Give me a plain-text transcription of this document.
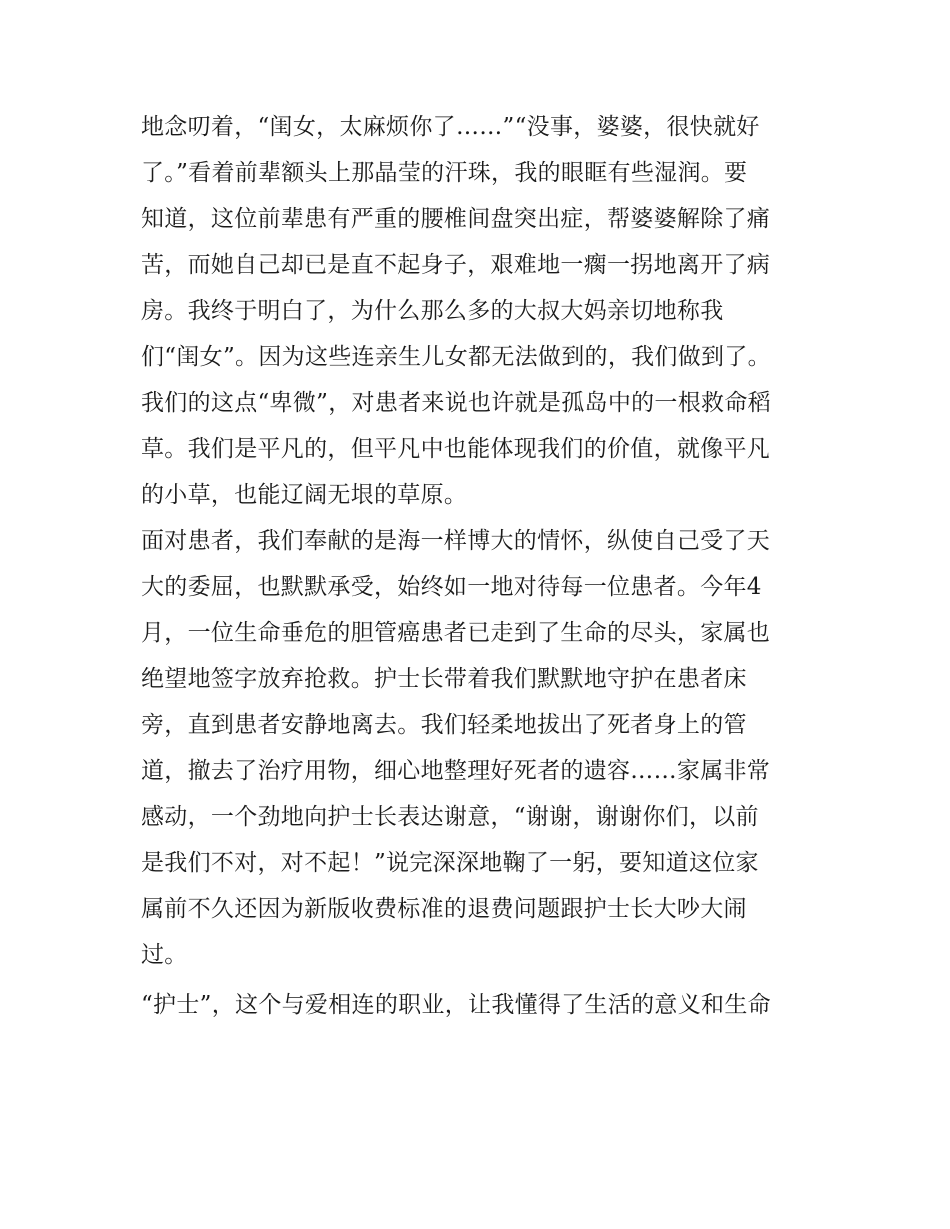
地念叨着，“闺女，太麻烦你了……”“没事，婆婆，很快就好
了。”看着前辈额头上那晶莹的汗珠，我的眼眶有些湿润。要
知道，这位前辈患有严重的腰椎间盘突出症，帮婆婆解除了痛
苦，而她自己却已是直不起身子，艰难地一瘸一拐地离开了病
房。我终于明白了，为什么那么多的大叔大妈亲切地称我
们“闺女”。因为这些连亲生儿女都无法做到的，我们做到了。
我们的这点“卑微”，对患者来说也许就是孤岛中的一根救命稻
草。我们是平凡的，但平凡中也能体现我们的价值，就像平凡
的小草，也能辽阔无垠的草原。
面对患者，我们奉献的是海一样博大的情怀，纵使自己受了天
大的委屈，也默默承受，始终如一地对待每一位患者。今年4
月，一位生命垂危的胆管癌患者已走到了生命的尽头，家属也
绝望地签字放弃抢救。护士长带着我们默默地守护在患者床
旁，直到患者安静地离去。我们轻柔地拔出了死者身上的管
道，撤去了治疗用物，细心地整理好死者的遗容……家属非常
感动，一个劲地向护士长表达谢意，“谢谢，谢谢你们，以前
是我们不对，对不起！”说完深深地鞠了一躬，要知道这位家
属前不久还因为新版收费标准的退费问题跟护士长大吵大闹
过。
“护士”，这个与爱相连的职业，让我懂得了生活的意义和生命
